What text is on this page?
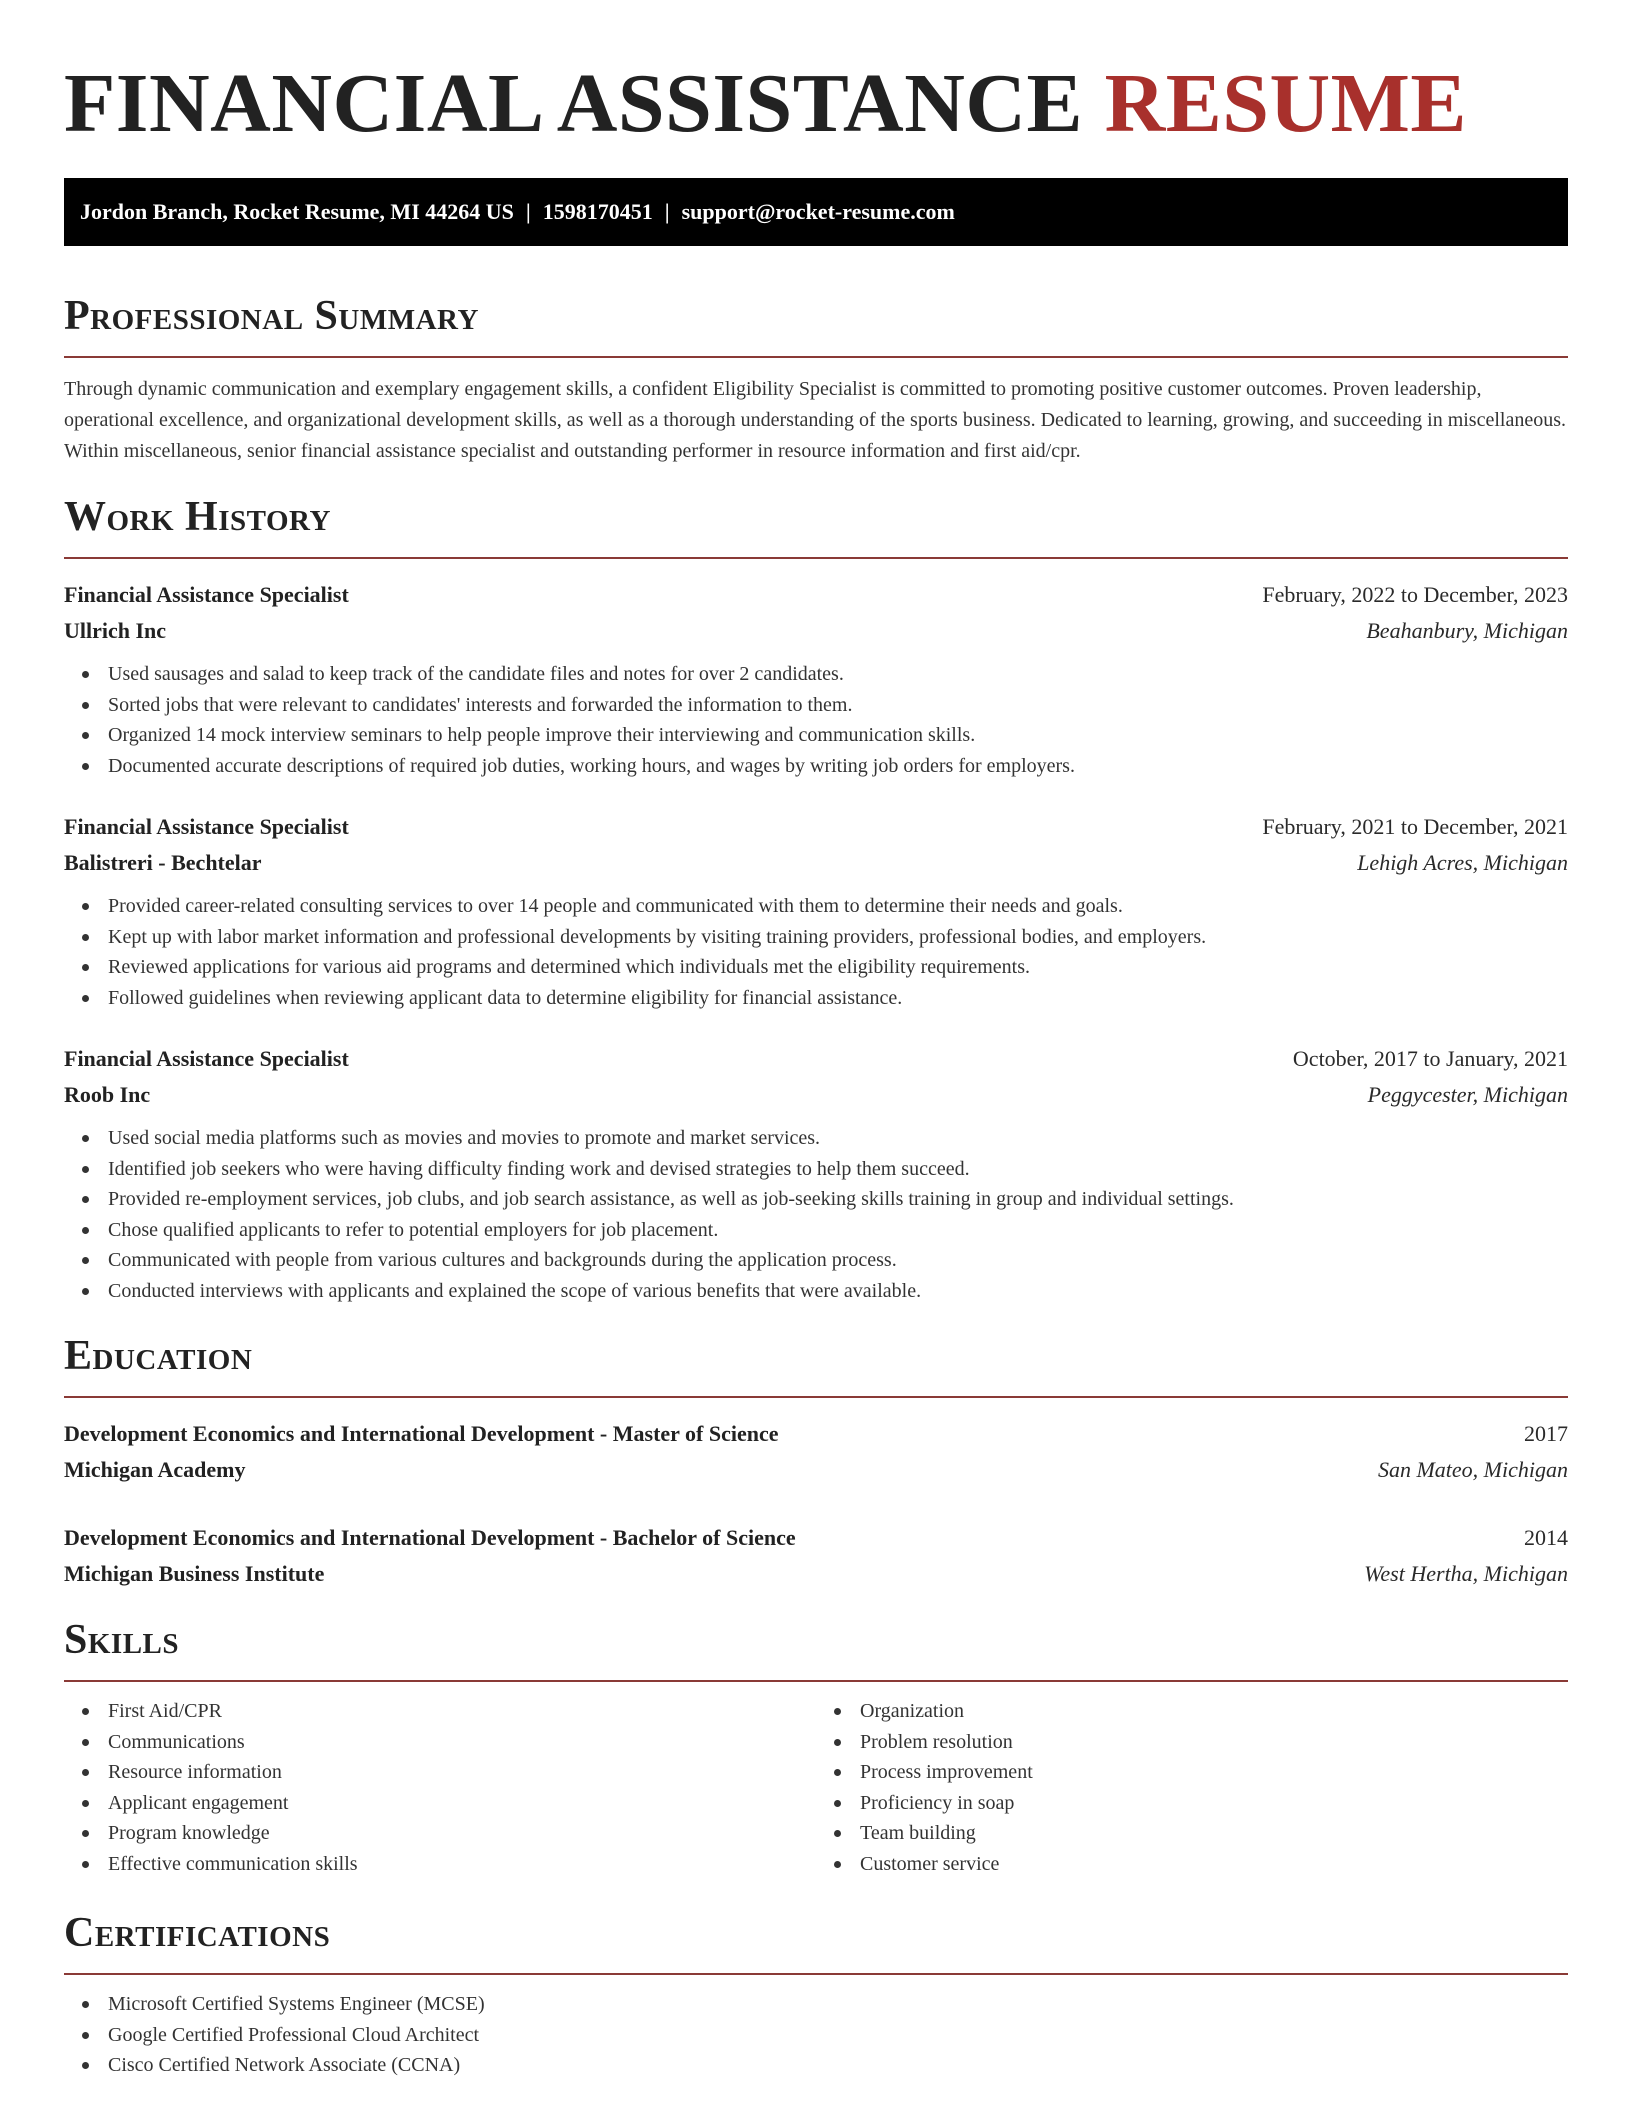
FINANCIAL ASSISTANCE RESUME
Jordon Branch, Rocket Resume, MI 44264 US | 1598170451 | support@rocket-resume.com
Professional Summary

Through dynamic communication and exemplary engagement skills, a confident Eligibility Specialist is committed to promoting positive customer outcomes. Proven leadership, operational excellence, and organizational development skills, as well as a thorough understanding of the sports business. Dedicated to learning, growing, and succeeding in miscellaneous. Within miscellaneous, senior financial assistance specialist and outstanding performer in resource information and first aid/cpr.

Work History
Financial Assistance Specialist	February, 2022 to December, 2023
Ullrich Inc	Beahanbury, Michigan
Used sausages and salad to keep track of the candidate files and notes for over 2 candidates.
Sorted jobs that were relevant to candidates' interests and forwarded the information to them.
Organized 14 mock interview seminars to help people improve their interviewing and communication skills.
Documented accurate descriptions of required job duties, working hours, and wages by writing job orders for employers.
Financial Assistance Specialist	February, 2021 to December, 2021
Balistreri - Bechtelar	Lehigh Acres, Michigan
Provided career-related consulting services to over 14 people and communicated with them to determine their needs and goals.
Kept up with labor market information and professional developments by visiting training providers, professional bodies, and employers.
Reviewed applications for various aid programs and determined which individuals met the eligibility requirements.
Followed guidelines when reviewing applicant data to determine eligibility for financial assistance.
Financial Assistance Specialist	October, 2017 to January, 2021
Roob Inc	Peggycester, Michigan
Used social media platforms such as movies and movies to promote and market services.
Identified job seekers who were having difficulty finding work and devised strategies to help them succeed.
Provided re-employment services, job clubs, and job search assistance, as well as job-seeking skills training in group and individual settings.
Chose qualified applicants to refer to potential employers for job placement.
Communicated with people from various cultures and backgrounds during the application process.
Conducted interviews with applicants and explained the scope of various benefits that were available.
Education
Development Economics and International Development - Master of Science	2017
Michigan Academy	San Mateo, Michigan
Development Economics and International Development - Bachelor of Science	2014
Michigan Business Institute	West Hertha, Michigan
Skills
First Aid/CPR
Communications
Resource information
Applicant engagement
Program knowledge
Effective communication skills
Organization
Problem resolution
Process improvement
Proficiency in soap
Team building
Customer service
Certifications
Microsoft Certified Systems Engineer (MCSE)
Google Certified Professional Cloud Architect
Cisco Certified Network Associate (CCNA)
